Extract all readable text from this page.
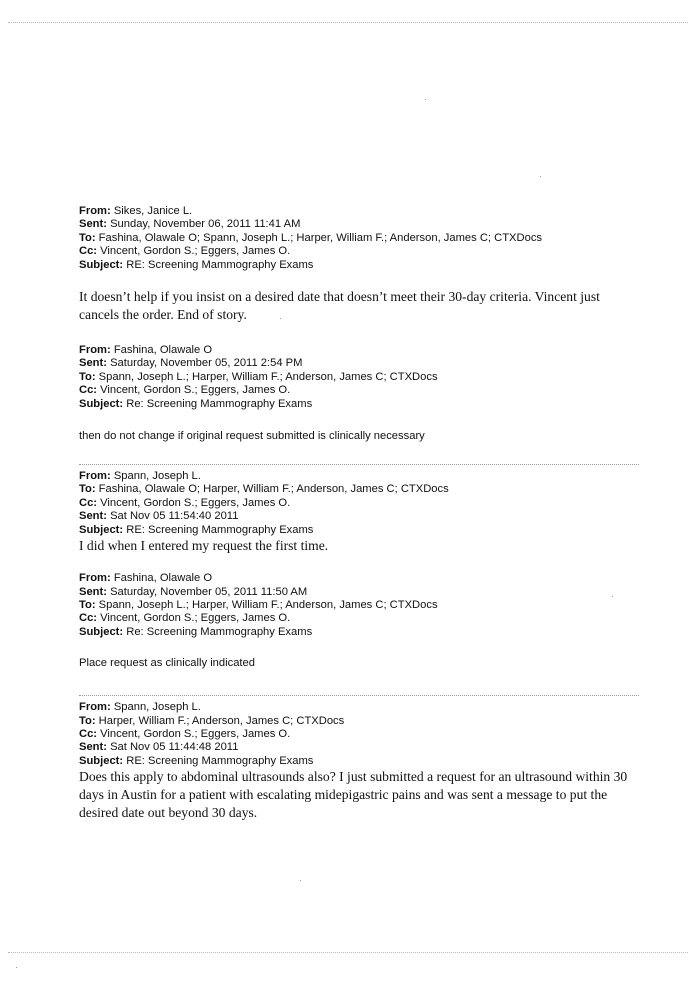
From: Sikes, Janice L.
Sent: Sunday, November 06, 2011 11:41 AM
To: Fashina, Olawale O; Spann, Joseph L.; Harper, William F.; Anderson, James C; CTXDocs
Cc: Vincent, Gordon S.; Eggers, James O.
Subject: RE: Screening Mammography Exams
It doesn’t help if you insist on a desired date that doesn’t meet their 30-day criteria. Vincent just cancels the order. End of story.
From: Fashina, Olawale O
Sent: Saturday, November 05, 2011 2:54 PM
To: Spann, Joseph L.; Harper, William F.; Anderson, James C; CTXDocs
Cc: Vincent, Gordon S.; Eggers, James O.
Subject: Re: Screening Mammography Exams
then do not change if original request submitted is clinically necessary
From: Spann, Joseph L.
To: Fashina, Olawale O; Harper, William F.; Anderson, James C; CTXDocs
Cc: Vincent, Gordon S.; Eggers, James O.
Sent: Sat Nov 05 11:54:40 2011
Subject: RE: Screening Mammography Exams
I did when I entered my request the first time.
From: Fashina, Olawale O
Sent: Saturday, November 05, 2011 11:50 AM
To: Spann, Joseph L.; Harper, William F.; Anderson, James C; CTXDocs
Cc: Vincent, Gordon S.; Eggers, James O.
Subject: Re: Screening Mammography Exams
Place request as clinically indicated
From: Spann, Joseph L.
To: Harper, William F.; Anderson, James C; CTXDocs
Cc: Vincent, Gordon S.; Eggers, James O.
Sent: Sat Nov 05 11:44:48 2011
Subject: RE: Screening Mammography Exams
Does this apply to abdominal ultrasounds also? I just submitted a request for an ultrasound within 30 days in Austin for a patient with escalating midepigastric pains and was sent a message to put the desired date out beyond 30 days.
